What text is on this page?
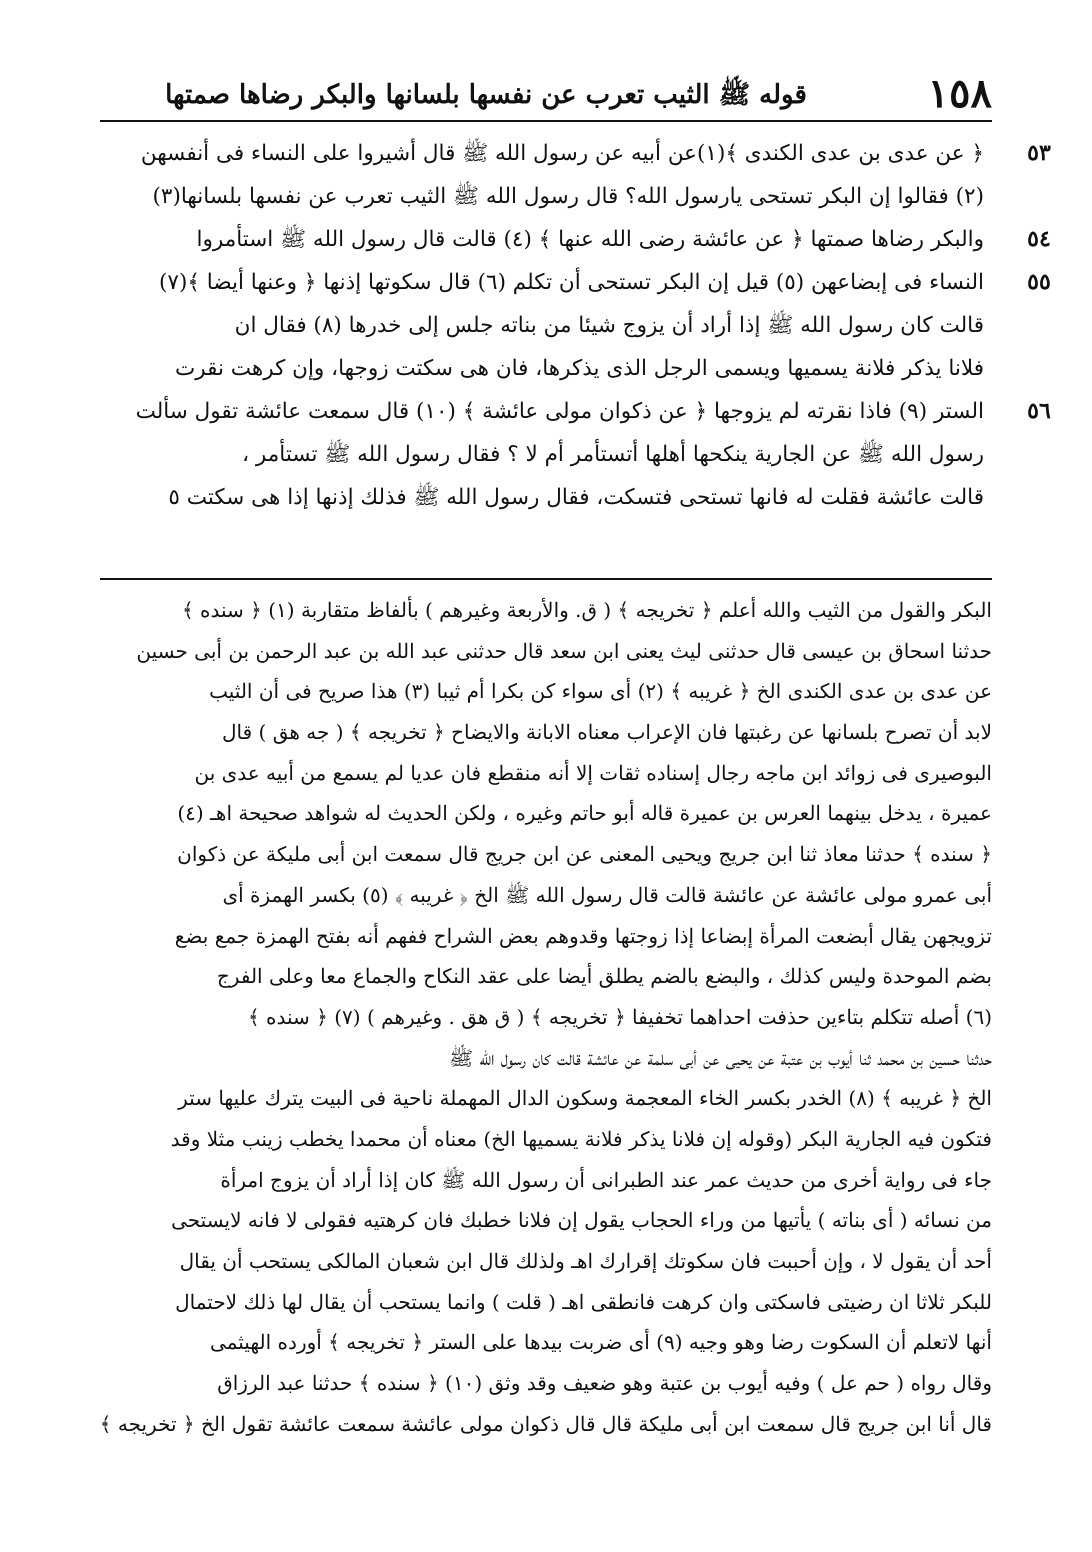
١٥٨
قوله ﷺ الثيب تعرب عن نفسها بلسانها والبكر رضاها صمتها
٥٣
﴿ عن عدى بن عدى الكندى ﴾(١)عن أبيه عن رسول الله ﷺ قال أشيروا على النساء فى أنفسهن
(٢) فقالوا إن البكر تستحى يارسول الله؟ قال رسول الله ﷺ الثيب تعرب عن نفسها بلسانها(٣)
٥٤
والبكر رضاها صمتها ﴿ عن عائشة رضى الله عنها ﴾ (٤) قالت قال رسول الله ﷺ استأمروا
٥٥
النساء فى إبضاعهن (٥) قيل إن البكر تستحى أن تكلم (٦) قال سكوتها إذنها ﴿ وعنها أيضا ﴾(٧)
قالت كان رسول الله ﷺ إذا أراد أن يزوج شيئا من بناته جلس إلى خدرها (٨) فقال ان
فلانا يذكر فلانة يسميها ويسمى الرجل الذى يذكرها، فان هى سكتت زوجها، وإن كرهت نقرت
٥٦
الستر (٩) فاذا نقرته لم يزوجها ﴿ عن ذكوان مولى عائشة ﴾ (١٠) قال سمعت عائشة تقول سألت
رسول الله ﷺ عن الجارية ينكحها أهلها أتستأمر أم لا ؟ فقال رسول الله ﷺ تستأمر ،
قالت عائشة فقلت له فانها تستحى فتسكت، فقال رسول الله ﷺ فذلك إذنها إذا هى سكتت ٥
البكر والقول من الثيب والله أعلم ﴿ تخريجه ﴾ ( ق. والأربعة وغيرهم ) بألفاظ متقاربة (١) ﴿ سنده ﴾
حدثنا اسحاق بن عيسى قال حدثنى ليث يعنى ابن سعد قال حدثنى عبد الله بن عبد الرحمن بن أبى حسين
عن عدى بن عدى الكندى الخ ﴿ غريبه ﴾ (٢) أى سواء كن بكرا أم ثيبا (٣) هذا صريح فى أن الثيب
لابد أن تصرح بلسانها عن رغبتها فان الإعراب معناه الابانة والايضاح ﴿ تخريجه ﴾ ( جه هق ) قال
البوصيرى فى زوائد ابن ماجه رجال إسناده ثقات إلا أنه منقطع فان عديا لم يسمع من أبيه عدى بن
عميرة ، يدخل بينهما العرس بن عميرة قاله أبو حاتم وغيره ، ولكن الحديث له شواهد صحيحة اهـ (٤)
﴿ سنده ﴾ حدثنا معاذ ثنا ابن جريج ويحيى المعنى عن ابن جريج قال سمعت ابن أبى مليكة عن ذكوان
أبى عمرو مولى عائشة عن عائشة قالت قال رسول الله ﷺ الخ ﴿ غريبه ﴾ (٥) بكسر الهمزة أى
تزويجهن يقال أبضعت المرأة إبضاعا إذا زوجتها وقدوهم بعض الشراح ففهم أنه بفتح الهمزة جمع بضع
بضم الموحدة وليس كذلك ، والبضع بالضم يطلق أيضا على عقد النكاح والجماع معا وعلى الفرج
(٦) أصله تتكلم بتاءين حذفت احداهما تخفيفا ﴿ تخريجه ﴾ ( ق هق . وغيرهم ) (٧) ﴿ سنده ﴾
حدثنا حسين بن محمد ثنا أيوب بن عتبة عن يحيى عن أبى سلمة عن عائشة قالت كان رسول الله ﷺ
الخ ﴿ غريبه ﴾ (٨) الخدر بكسر الخاء المعجمة وسكون الدال المهملة ناحية فى البيت يترك عليها ستر
فتكون فيه الجارية البكر (وقوله إن فلانا يذكر فلانة يسميها الخ) معناه أن محمدا يخطب زينب مثلا وقد
جاء فى رواية أخرى من حديث عمر عند الطبرانى أن رسول الله ﷺ كان إذا أراد أن يزوج امرأة
من نسائه ( أى بناته ) يأتيها من وراء الحجاب يقول إن فلانا خطبك فان كرهتيه فقولى لا فانه لايستحى
أحد أن يقول لا ، وإن أحببت فان سكوتك إقرارك اهـ ولذلك قال ابن شعبان المالكى يستحب أن يقال
للبكر ثلاثا ان رضيتى فاسكتى وان كرهت فانطقى اهـ ( قلت ) وانما يستحب أن يقال لها ذلك لاحتمال
أنها لاتعلم أن السكوت رضا وهو وجيه (٩) أى ضربت بيدها على الستر ﴿ تخريجه ﴾ أورده الهيثمى
وقال رواه ( حم عل ) وفيه أيوب بن عتبة وهو ضعيف وقد وثق (١٠) ﴿ سنده ﴾ حدثنا عبد الرزاق
قال أنا ابن جريج قال سمعت ابن أبى مليكة قال قال ذكوان مولى عائشة سمعت عائشة تقول الخ ﴿ تخريجه ﴾
